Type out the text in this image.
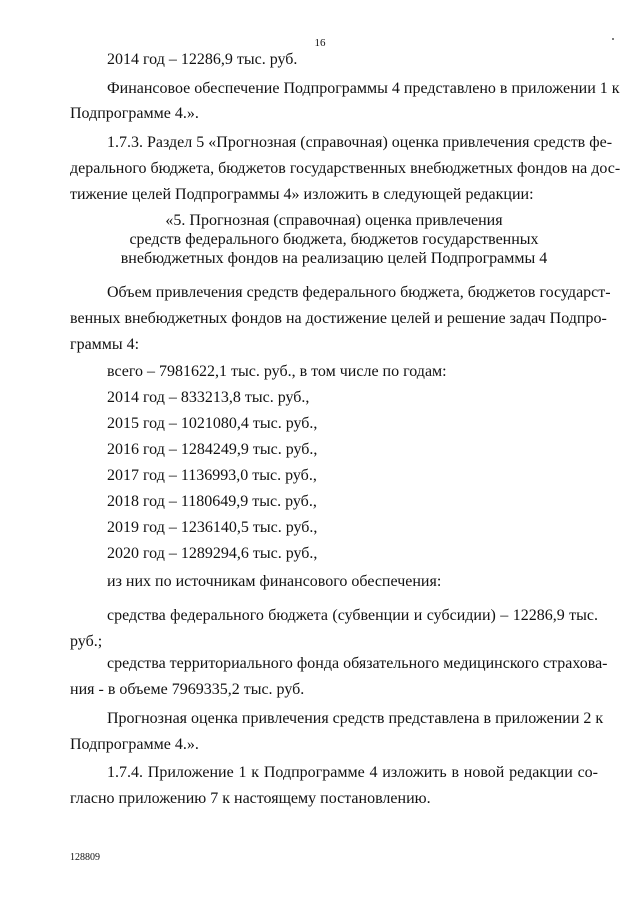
16
2014 год – 12286,9 тыс. руб.
Финансовое обеспечение Подпрограммы 4 представлено в приложении 1 к
Подпрограмме 4.».
1.7.3. Раздел 5 «Прогнозная (справочная) оценка привлечения средств фе-
дерального бюджета, бюджетов государственных внебюджетных фондов на дос-
тижение целей Подпрограммы 4» изложить в следующей редакции:
«5. Прогнозная (справочная) оценка привлечения
средств федерального бюджета, бюджетов государственных
внебюджетных фондов на реализацию целей Подпрограммы 4
Объем привлечения средств федерального бюджета, бюджетов государст-
венных внебюджетных фондов на достижение целей и решение задач Подпро-
граммы 4:
всего – 7981622,1 тыс. руб., в том числе по годам:
2014 год – 833213,8 тыс. руб.,
2015 год – 1021080,4 тыс. руб.,
2016 год – 1284249,9 тыс. руб.,
2017 год – 1136993,0 тыс. руб.,
2018 год – 1180649,9 тыс. руб.,
2019 год – 1236140,5 тыс. руб.,
2020 год – 1289294,6 тыс. руб.,
из них по источникам финансового обеспечения:
средства федерального бюджета (субвенции и субсидии) – 12286,9 тыс.
руб.;
средства территориального фонда обязательного медицинского страхова-
ния - в объеме 7969335,2 тыс. руб.
Прогнозная оценка привлечения средств представлена в приложении 2 к
Подпрограмме 4.».
1.7.4. Приложение 1 к Подпрограмме 4 изложить в новой редакции со-
гласно приложению 7 к настоящему постановлению.
128809
